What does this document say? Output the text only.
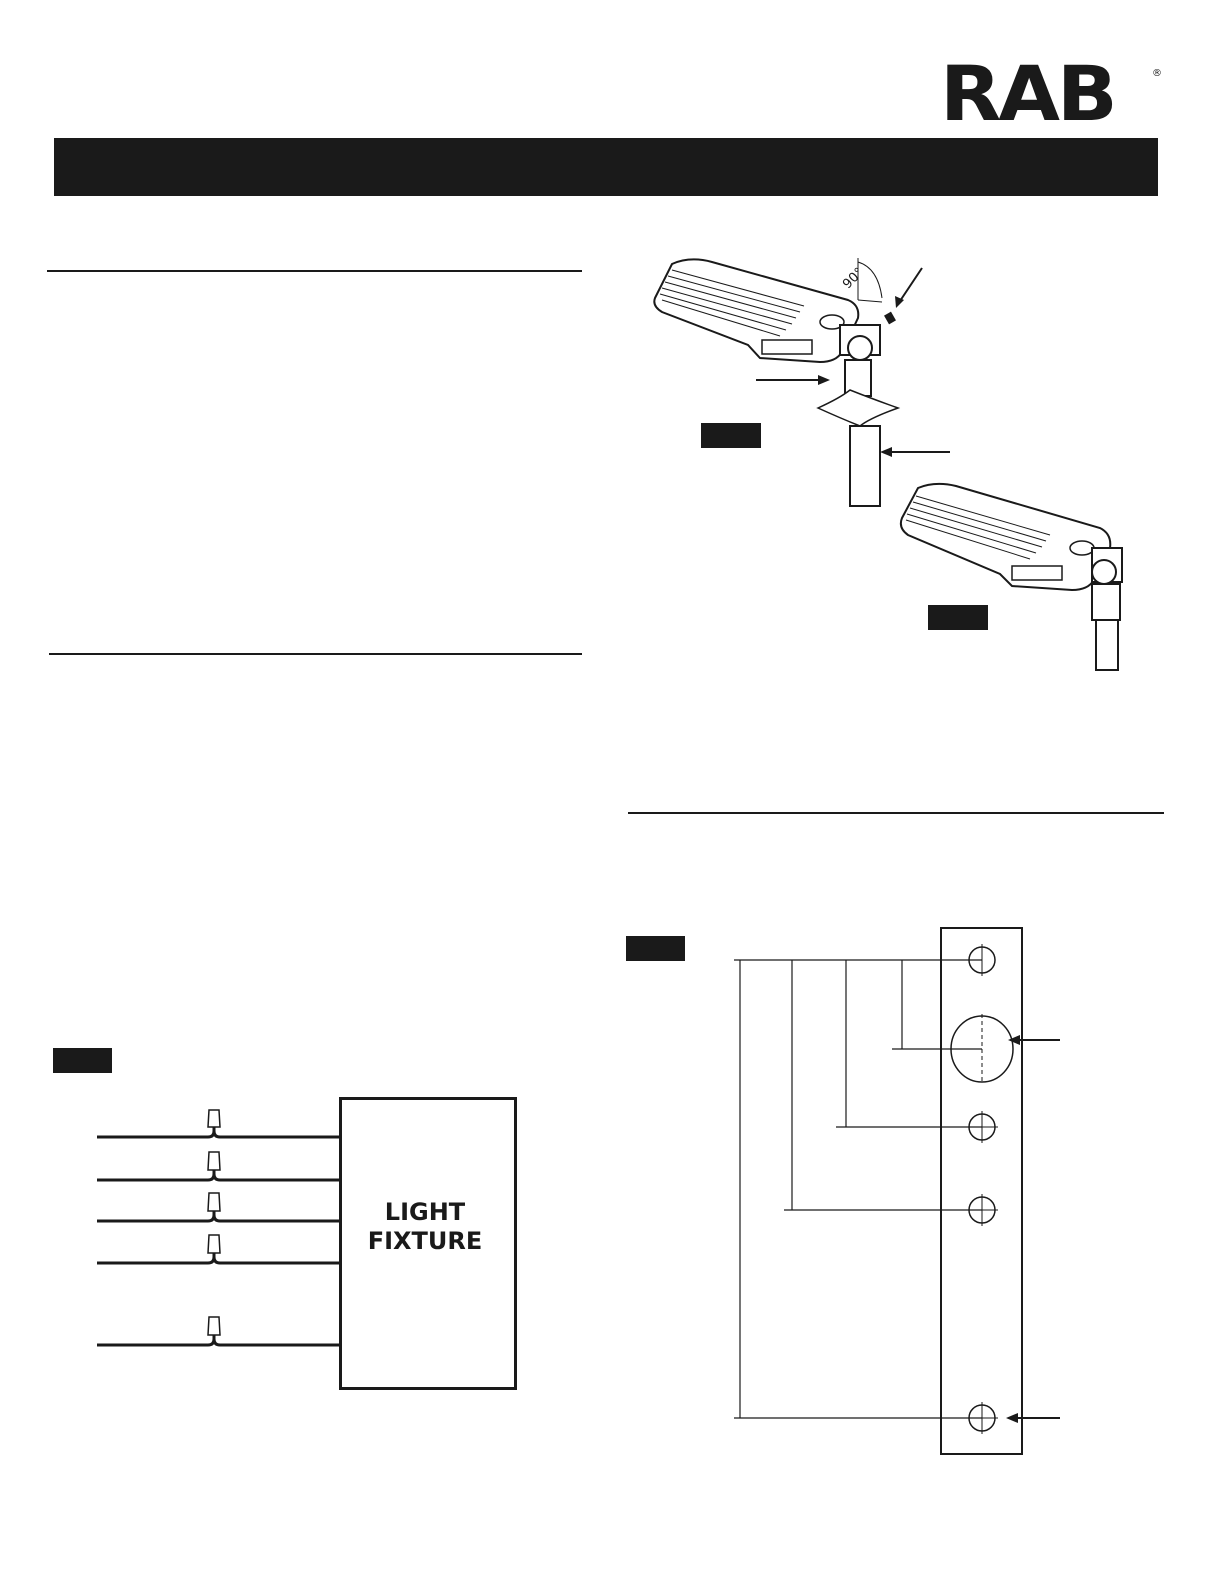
RAB	®
90°
LIGHT
FIXTURE
